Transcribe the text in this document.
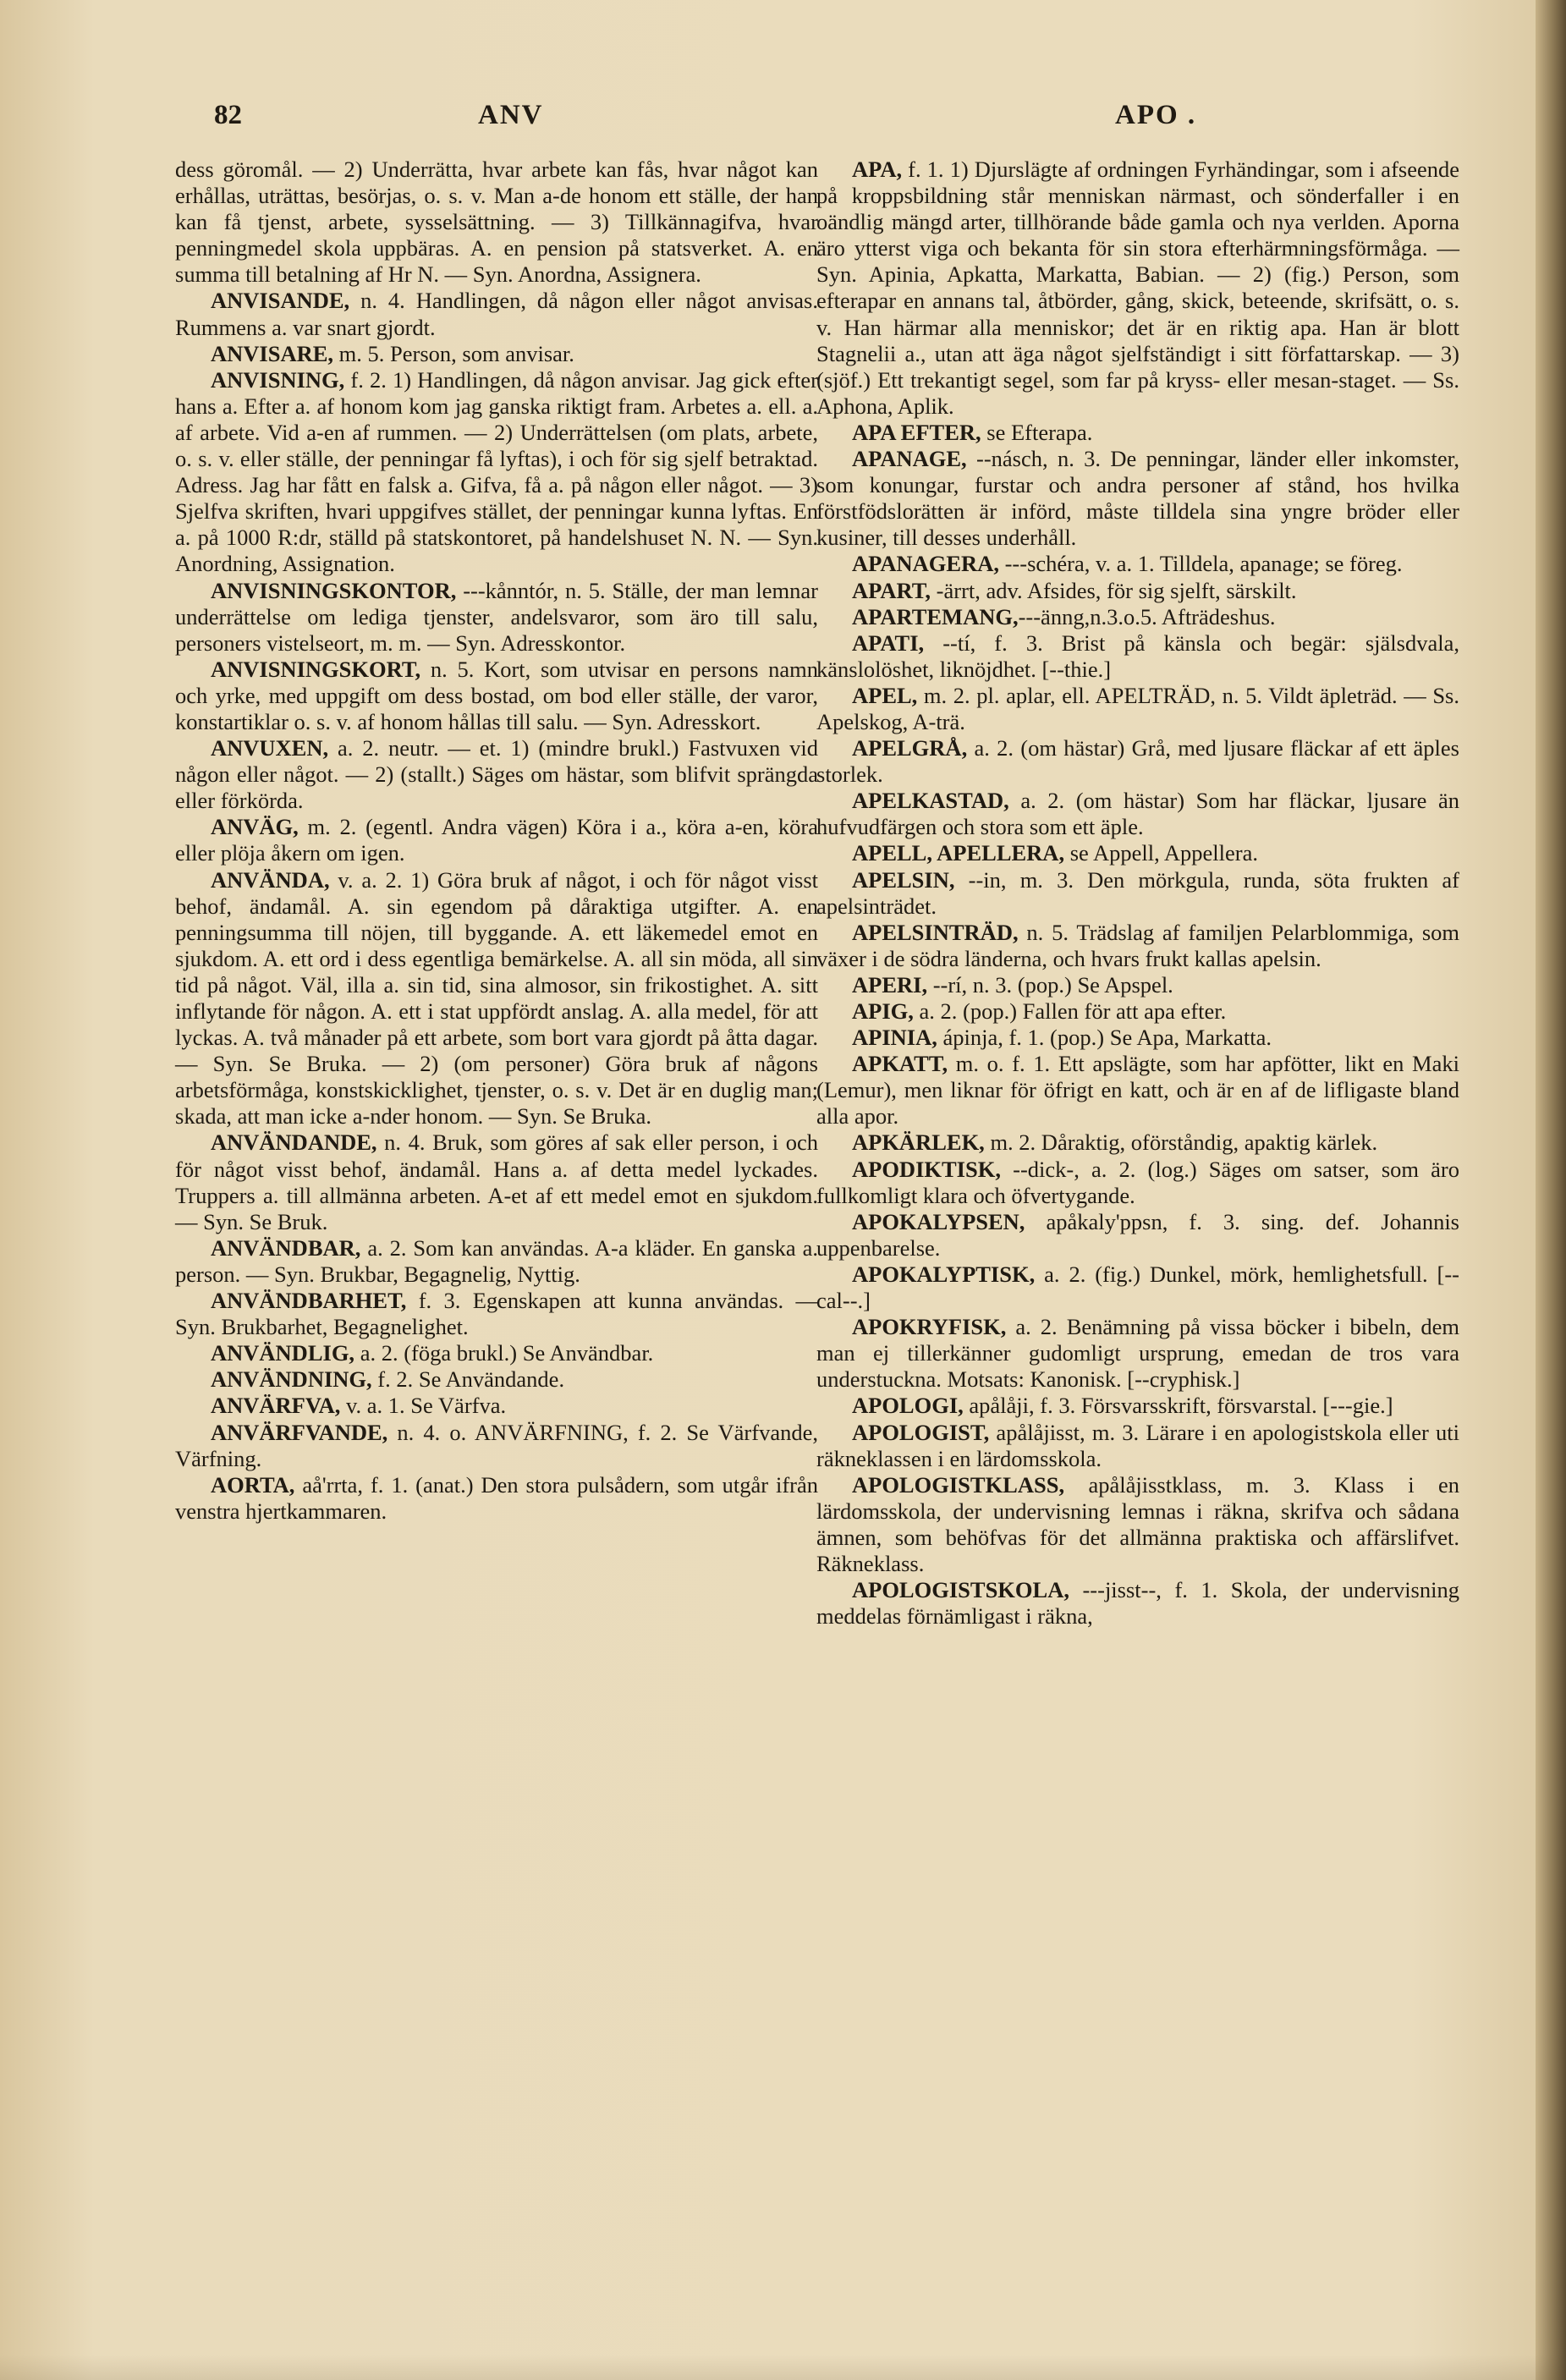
82	ANV	APO .

dess göromål. — 2) Underrätta, hvar arbete kan fås, hvar något kan erhållas, uträttas, besörjas, o. s. v. Man a-de honom ett ställe, der han kan få tjenst, arbete, sysselsättning. — 3) Tillkännagifva, hvar penningmedel skola uppbäras. A. en pension på statsverket. A. en summa till betalning af Hr N. — Syn. Anordna, Assignera.

ANVISANDE, n. 4. Handlingen, då någon eller något anvisas. Rummens a. var snart gjordt.

ANVISARE, m. 5. Person, som anvisar.

ANVISNING, f. 2. 1) Handlingen, då någon anvisar. Jag gick efter hans a. Efter a. af honom kom jag ganska riktigt fram. Arbetes a. ell. a. af arbete. Vid a-en af rummen. — 2) Underrättelsen (om plats, arbete, o. s. v. eller ställe, der penningar få lyftas), i och för sig sjelf betraktad. Adress. Jag har fått en falsk a. Gifva, få a. på någon eller något. — 3) Sjelfva skriften, hvari uppgifves stället, der penningar kunna lyftas. En a. på 1000 R:dr, ställd på statskontoret, på handelshuset N. N. — Syn. Anordning, Assignation.

ANVISNINGSKONTOR, ---kånntór, n. 5. Ställe, der man lemnar underrättelse om lediga tjenster, andelsvaror, som äro till salu, personers vistelseort, m. m. — Syn. Adresskontor.

ANVISNINGSKORT, n. 5. Kort, som utvisar en persons namn och yrke, med uppgift om dess bostad, om bod eller ställe, der varor, konstartiklar o. s. v. af honom hållas till salu. — Syn. Adresskort.

ANVUXEN, a. 2. neutr. — et. 1) (mindre brukl.) Fastvuxen vid någon eller något. — 2) (stallt.) Säges om hästar, som blifvit sprängda eller förkörda.

ANVÄG, m. 2. (egentl. Andra vägen) Köra i a., köra a-en, köra eller plöja åkern om igen.

ANVÄNDA, v. a. 2. 1) Göra bruk af något, i och för något visst behof, ändamål. A. sin egendom på dåraktiga utgifter. A. en penningsumma till nöjen, till byggande. A. ett läkemedel emot en sjukdom. A. ett ord i dess egentliga bemärkelse. A. all sin möda, all sin tid på något. Väl, illa a. sin tid, sina almosor, sin frikostighet. A. sitt inflytande för någon. A. ett i stat uppfördt anslag. A. alla medel, för att lyckas. A. två månader på ett arbete, som bort vara gjordt på åtta dagar. — Syn. Se Bruka. — 2) (om personer) Göra bruk af någons arbetsförmåga, konstskicklighet, tjenster, o. s. v. Det är en duglig man; skada, att man icke a-nder honom. — Syn. Se Bruka.

ANVÄNDANDE, n. 4. Bruk, som göres af sak eller person, i och för något visst behof, ändamål. Hans a. af detta medel lyckades. Truppers a. till allmänna arbeten. A-et af ett medel emot en sjukdom. — Syn. Se Bruk.

ANVÄNDBAR, a. 2. Som kan användas. A-a kläder. En ganska a. person. — Syn. Brukbar, Begagnelig, Nyttig.

ANVÄNDBARHET, f. 3. Egenskapen att kunna användas. — Syn. Brukbarhet, Begagnelighet.

ANVÄNDLIG, a. 2. (föga brukl.) Se Användbar.

ANVÄNDNING, f. 2. Se Användande.

ANVÄRFVA, v. a. 1. Se Värfva.

ANVÄRFVANDE, n. 4. o. ANVÄRFNING, f. 2. Se Värfvande, Värfning.

AORTA, aå'rrta, f. 1. (anat.) Den stora pulsådern, som utgår ifrån venstra hjertkammaren.

APA, f. 1. 1) Djurslägte af ordningen Fyrhändingar, som i afseende på kroppsbildning står menniskan närmast, och sönderfaller i en oändlig mängd arter, tillhörande både gamla och nya verlden. Aporna äro ytterst viga och bekanta för sin stora efterhärmningsförmåga. — Syn. Apinia, Apkatta, Markatta, Babian. — 2) (fig.) Person, som efterapar en annans tal, åtbörder, gång, skick, beteende, skrifsätt, o. s. v. Han härmar alla menniskor; det är en riktig apa. Han är blott Stagnelii a., utan att äga något sjelfständigt i sitt författarskap. — 3) (sjöf.) Ett trekantigt segel, som far på kryss- eller mesan-staget. — Ss. Aphona, Aplik.

APA EFTER, se Efterapa.

APANAGE, --násch, n. 3. De penningar, länder eller inkomster, som konungar, furstar och andra personer af stånd, hos hvilka förstfödslorätten är införd, måste tilldela sina yngre bröder eller kusiner, till desses underhåll.

APANAGERA, ---schéra, v. a. 1. Tilldela, apanage; se föreg.

APART, -ärrt, adv. Afsides, för sig sjelft, särskilt.

APARTEMANG,---änng,n.3.o.5. Afträdeshus.

APATI, --tí, f. 3. Brist på känsla och begär: själsdvala, känslolöshet, liknöjdhet. [--thie.]

APEL, m. 2. pl. aplar, ell. APELTRÄD, n. 5. Vildt äpleträd. — Ss. Apelskog, A-trä.

APELGRÅ, a. 2. (om hästar) Grå, med ljusare fläckar af ett äples storlek.

APELKASTAD, a. 2. (om hästar) Som har fläckar, ljusare än hufvudfärgen och stora som ett äple.

APELL, APELLERA, se Appell, Appellera.

APELSIN, --in, m. 3. Den mörkgula, runda, söta frukten af apelsinträdet.

APELSINTRÄD, n. 5. Trädslag af familjen Pelarblommiga, som växer i de södra länderna, och hvars frukt kallas apelsin.

APERI, --rí, n. 3. (pop.) Se Apspel.

APIG, a. 2. (pop.) Fallen för att apa efter.

APINIA, ápinja, f. 1. (pop.) Se Apa, Markatta.

APKATT, m. o. f. 1. Ett apslägte, som har apfötter, likt en Maki (Lemur), men liknar för öfrigt en katt, och är en af de lifligaste bland alla apor.

APKÄRLEK, m. 2. Dåraktig, oförståndig, apaktig kärlek.

APODIKTISK, --dick-, a. 2. (log.) Säges om satser, som äro fullkomligt klara och öfvertygande.

APOKALYPSEN, apåkaly'ppsn, f. 3. sing. def. Johannis uppenbarelse.

APOKALYPTISK, a. 2. (fig.) Dunkel, mörk, hemlighetsfull. [--cal--.]

APOKRYFISK, a. 2. Benämning på vissa böcker i bibeln, dem man ej tillerkänner gudomligt ursprung, emedan de tros vara understuckna. Motsats: Kanonisk. [--cryphisk.]

APOLOGI, apålåji, f. 3. Försvarsskrift, försvarstal. [---gie.]

APOLOGIST, apålåjisst, m. 3. Lärare i en apologistskola eller uti räkneklassen i en lärdomsskola.

APOLOGISTKLASS, apålåjisstklass, m. 3. Klass i en lärdomsskola, der undervisning lemnas i räkna, skrifva och sådana ämnen, som behöfvas för det allmänna praktiska och affärslifvet. Räkneklass.

APOLOGISTSKOLA, ---jisst--, f. 1. Skola, der undervisning meddelas förnämligast i räkna,
